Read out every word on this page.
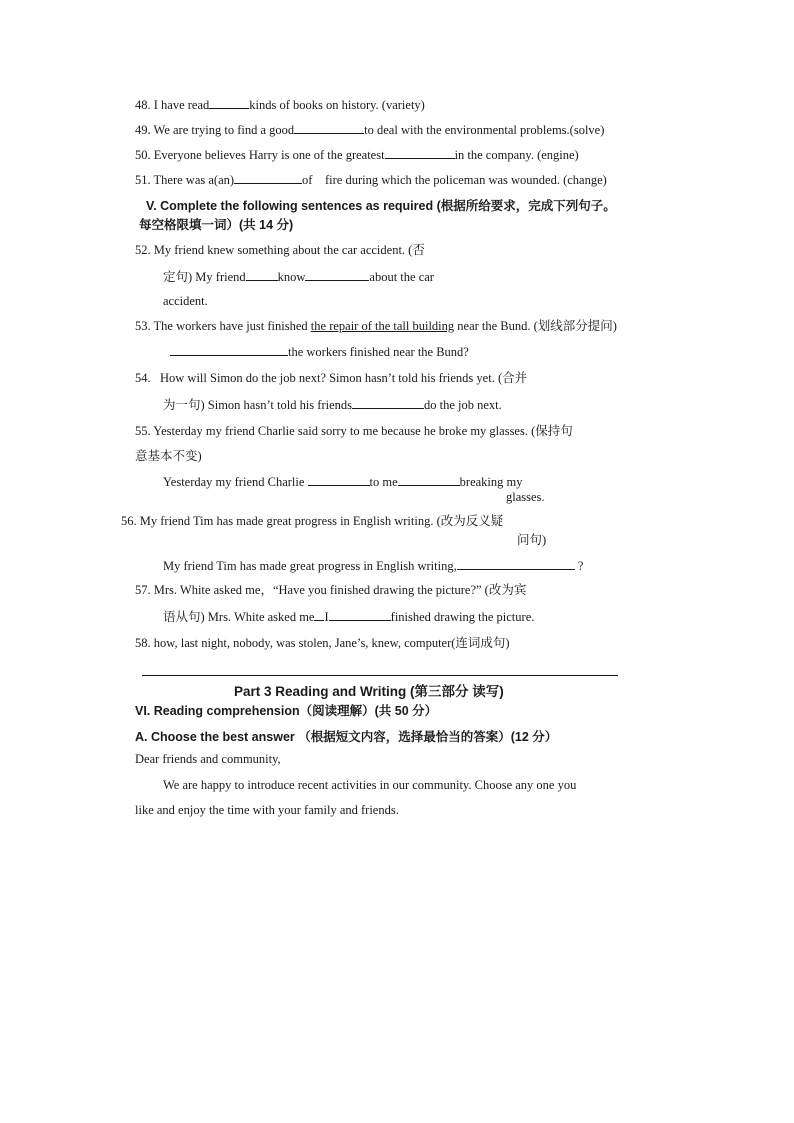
48. I have read	kinds of books on history. (variety)
49. We are trying to find a good	to deal with the environmental problems.(solve)
50. Everyone believes Harry is one of the greatest	in the company. (engine)
51. There was a(an)	of fire during which the policeman was wounded. (change)
V. Complete the following sentences as required (根据所给要求，完成下列句子。
每空格限填一词）(共 14 分)
52. My friend knew something about the car accident. (否
定句) My friend	know	about the car
accident.
53. The workers have just finished the repair of the tall building near the Bund. (划线部分提问)
the workers finished near the Bund?
54. How will Simon do the job next? Simon hasn’t told his friends yet. (合并
为一句) Simon hasn’t told his friends	do the job next.
55. Yesterday my friend Charlie said sorry to me because he broke my glasses. (保持句
意基本不变)
Yesterday my friend Charlie	to me	breaking my
glasses.
56. My friend Tim has made great progress in English writing. (改为反义疑
问句)
My friend Tim has made great progress in English writing,	?
57. Mrs. White asked me，“Have you finished drawing the picture?” (改为宾
语从句) Mrs. White asked me I	finished drawing the picture.
58. how, last night, nobody, was stolen, Jane’s, knew, computer(连词成句)
Part 3 Reading and Writing (第三部分 读写)
VI. Reading comprehension（阅读理解）(共 50 分）
A. Choose the best answer （根据短文内容，选择最恰当的答案）(12 分）
Dear friends and community,
We are happy to introduce recent activities in our community. Choose any one you
like and enjoy the time with your family and friends.
